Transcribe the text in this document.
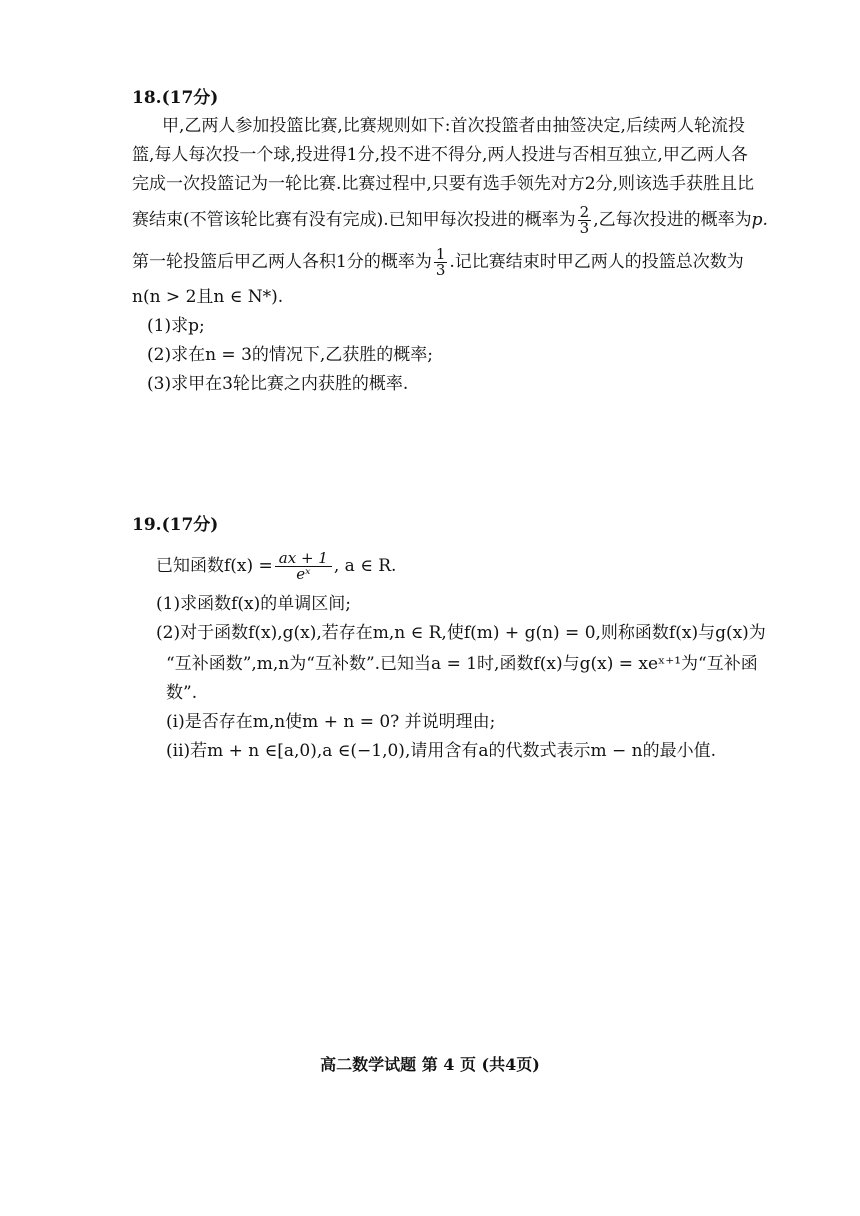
18.(17分)
甲,乙两人参加投篮比赛,比赛规则如下:首次投篮者由抽签决定,后续两人轮流投
篮,每人每次投一个球,投进得1分,投不进不得分,两人投进与否相互独立,甲乙两人各
完成一次投篮记为一轮比赛.比赛过程中,只要有选手领先对方2分,则该选手获胜且比
赛结束(不管该轮比赛有没有完成).已知甲每次投进的概率为 $\frac{2}{3}$ ,乙每次投进的概率为p.
第一轮投篮后甲乙两人各积1分的概率为 $\frac{1}{3}$ .记比赛结束时甲乙两人的投篮总次数为
n(n > 2且n ∈ N*).
(1)求p;
(2)求在n = 3的情况下,乙获胜的概率;
(3)求甲在3轮比赛之内获胜的概率.
19.(17分)
已知函数$f(x) = \frac{ax + 1}{\text{eˣ}}$ , a ∈ R.
(1)求函数f(x)的单调区间;
(2)对于函数f(x),g(x),若存在m,n ∈ R,使f(m) + g(n) = 0,则称函数f(x)与g(x)为
“互补函数”,m,n为“互补数”.已知当a = 1时,函数f(x)与g(x) = xeˣ⁺¹为“互补函
数”.
(i)是否存在m,n使m + n = 0? 并说明理由;
(ii)若m + n ∈[a,0),a ∈(−1,0),请用含有a的代数式表示m − n的最小值.
高二数学试题 第 4 页 (共4页)
